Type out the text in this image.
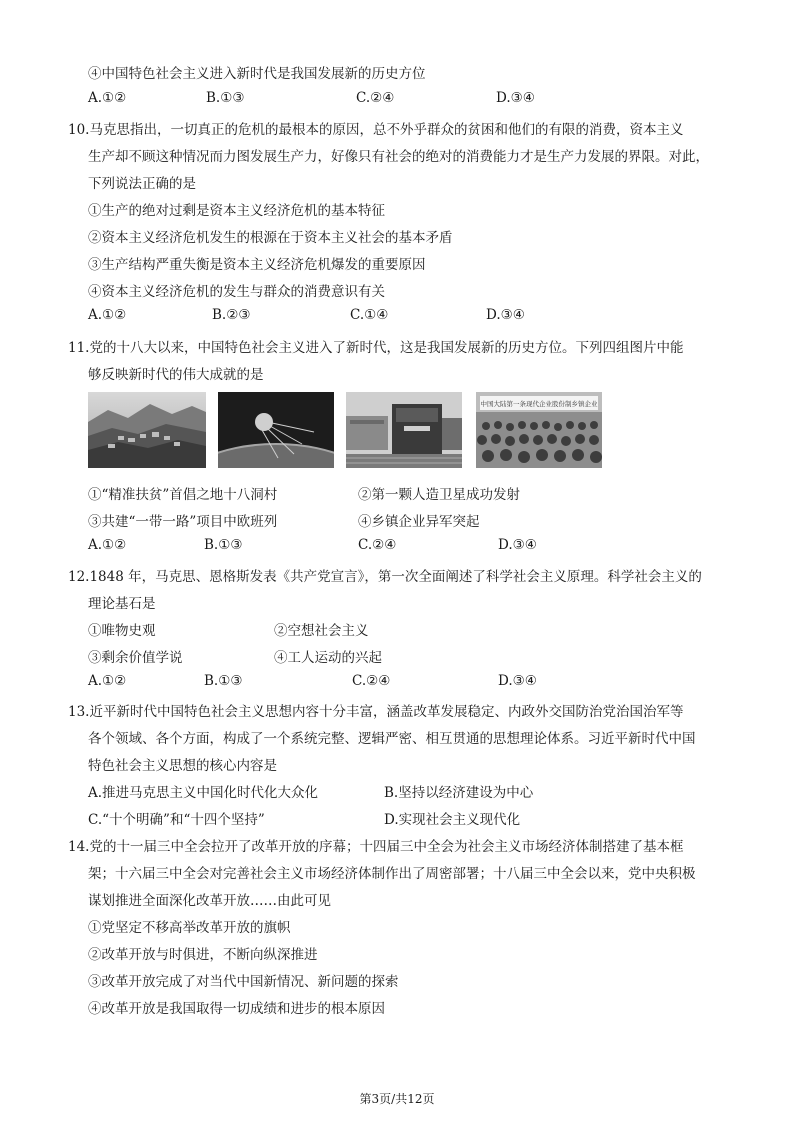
④中国特色社会主义进入新时代是我国发展新的历史方位
A.①②	B.①③	C.②④	D.③④
10.马克思指出，一切真正的危机的最根本的原因，总不外乎群众的贫困和他们的有限的消费，资本主义
生产却不顾这种情况而力图发展生产力，好像只有社会的绝对的消费能力才是生产力发展的界限。对此，
下列说法正确的是
①生产的绝对过剩是资本主义经济危机的基本特征
②资本主义经济危机发生的根源在于资本主义社会的基本矛盾
③生产结构严重失衡是资本主义经济危机爆发的重要原因
④资本主义经济危机的发生与群众的消费意识有关
A.①②	B.②③	C.①④	D.③④
11.党的十八大以来，中国特色社会主义进入了新时代，这是我国发展新的历史方位。下列四组图片中能
够反映新时代的伟大成就的是
中国大陆第一条现代企业股份制乡镇企业
①“精准扶贫”首倡之地十八洞村	②第一颗人造卫星成功发射
③共建“一带一路”项目中欧班列	④乡镇企业异军突起
A.①②	B.①③	C.②④	D.③④
12.1848 年，马克思、恩格斯发表《共产党宣言》，第一次全面阐述了科学社会主义原理。科学社会主义的
理论基石是
①唯物史观	②空想社会主义
③剩余价值学说	④工人运动的兴起
A.①②	B.①③	C.②④	D.③④
13.近平新时代中国特色社会主义思想内容十分丰富，涵盖改革发展稳定、内政外交国防治党治国治军等
各个领域、各个方面，构成了一个系统完整、逻辑严密、相互贯通的思想理论体系。习近平新时代中国
特色社会主义思想的核心内容是
A.推进马克思主义中国化时代化大众化	B.坚持以经济建设为中心
C.“十个明确”和“十四个坚持”	D.实现社会主义现代化
14.党的十一届三中全会拉开了改革开放的序幕；十四届三中全会为社会主义市场经济体制搭建了基本框
架；十六届三中全会对完善社会主义市场经济体制作出了周密部署；十八届三中全会以来，党中央积极
谋划推进全面深化改革开放……由此可见
①党坚定不移高举改革开放的旗帜
②改革开放与时俱进，不断向纵深推进
③改革开放完成了对当代中国新情况、新问题的探索
④改革开放是我国取得一切成绩和进步的根本原因
第3页/共12页
